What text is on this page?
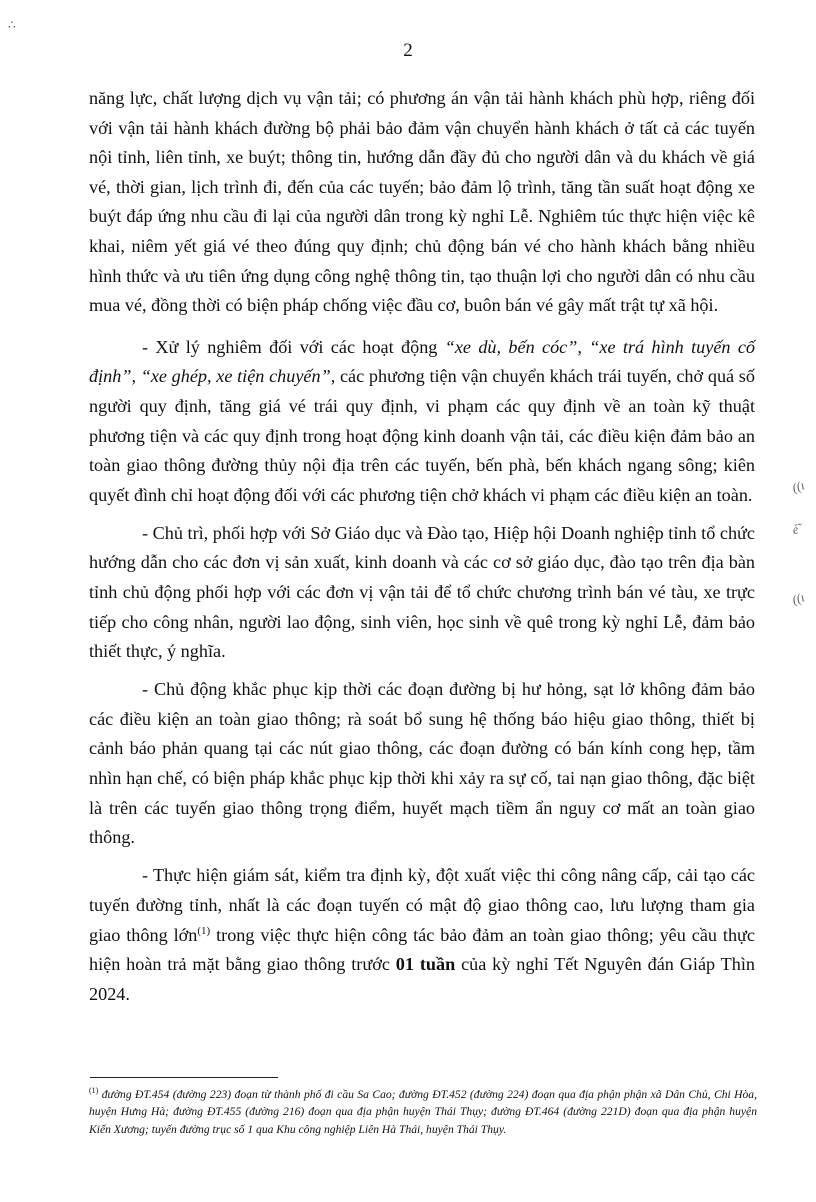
∴
2

năng lực, chất lượng dịch vụ vận tải; có phương án vận tải hành khách phù hợp, riêng đối với vận tải hành khách đường bộ phải bảo đảm vận chuyển hành khách ở tất cả các tuyến nội tỉnh, liên tỉnh, xe buýt; thông tin, hướng dẫn đầy đủ cho người dân và du khách về giá vé, thời gian, lịch trình đi, đến của các tuyến; bảo đảm lộ trình, tăng tần suất hoạt động xe buýt đáp ứng nhu cầu đi lại của người dân trong kỳ nghỉ Lễ. Nghiêm túc thực hiện việc kê khai, niêm yết giá vé theo đúng quy định; chủ động bán vé cho hành khách bằng nhiều hình thức và ưu tiên ứng dụng công nghệ thông tin, tạo thuận lợi cho người dân có nhu cầu mua vé, đồng thời có biện pháp chống việc đầu cơ, buôn bán vé gây mất trật tự xã hội.

- Xử lý nghiêm đối với các hoạt động “xe dù, bến cóc”, “xe trá hình tuyến cố định”, “xe ghép, xe tiện chuyến”, các phương tiện vận chuyển khách trái tuyến, chở quá số người quy định, tăng giá vé trái quy định, vi phạm các quy định về an toàn kỹ thuật phương tiện và các quy định trong hoạt động kinh doanh vận tải, các điều kiện đảm bảo an toàn giao thông đường thủy nội địa trên các tuyến, bến phà, bến khách ngang sông; kiên quyết đình chỉ hoạt động đối với các phương tiện chở khách vi phạm các điều kiện an toàn.

- Chủ trì, phối hợp với Sở Giáo dục và Đào tạo, Hiệp hội Doanh nghiệp tỉnh tổ chức hướng dẫn cho các đơn vị sản xuất, kinh doanh và các cơ sở giáo dục, đào tạo trên địa bàn tỉnh chủ động phối hợp với các đơn vị vận tải để tổ chức chương trình bán vé tàu, xe trực tiếp cho công nhân, người lao động, sinh viên, học sinh về quê trong kỳ nghỉ Lễ, đảm bảo thiết thực, ý nghĩa.

- Chủ động khắc phục kịp thời các đoạn đường bị hư hỏng, sạt lở không đảm bảo các điều kiện an toàn giao thông; rà soát bổ sung hệ thống báo hiệu giao thông, thiết bị cảnh báo phản quang tại các nút giao thông, các đoạn đường có bán kính cong hẹp, tầm nhìn hạn chế, có biện pháp khắc phục kịp thời khi xảy ra sự cố, tai nạn giao thông, đặc biệt là trên các tuyến giao thông trọng điểm, huyết mạch tiềm ẩn nguy cơ mất an toàn giao thông.

- Thực hiện giám sát, kiểm tra định kỳ, đột xuất việc thi công nâng cấp, cải tạo các tuyến đường tỉnh, nhất là các đoạn tuyến có mật độ giao thông cao, lưu lượng tham gia giao thông lớn$^{(1)}$ trong việc thực hiện công tác bảo đảm an toàn giao thông; yêu cầu thực hiện hoàn trả mặt bằng giao thông trước 01 tuần của kỳ nghỉ Tết Nguyên đán Giáp Thìn 2024.

$^{(1)}$ đường ĐT.454 (đường 223) đoạn từ thành phố đi cầu Sa Cao; đường ĐT.452 (đường 224) đoạn qua địa phận phận xã Dân Chủ, Chi Hòa, huyện Hưng Hà; đường ĐT.455 (đường 216) đoạn qua địa phận huyện Thái Thụy; đường ĐT.464 (đường 221D) đoạn qua địa phận huyện Kiến Xương; tuyến đường trục số 1 qua Khu công nghiệp Liên Hà Thái, huyện Thái Thụy.
((ı
é̃
((ı
